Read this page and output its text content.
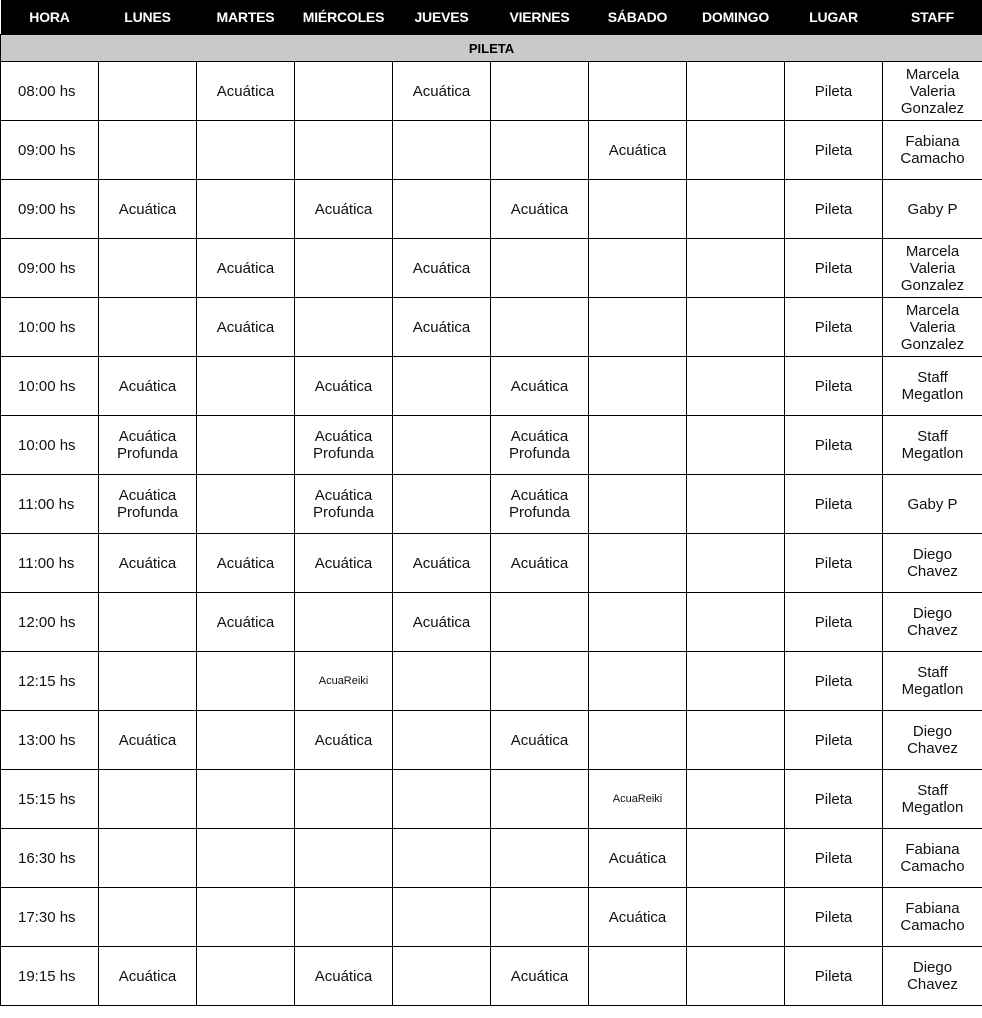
HORA	LUNES	MARTES	MIÉRCOLES	JUEVES	VIERNES	SÁBADO	DOMINGO	LUGAR	STAFF
PILETA									
08:00 hs		Acuática		Acuática				Pileta	Marcela
Valeria
Gonzalez
09:00 hs						Acuática		Pileta	Fabiana
Camacho
09:00 hs	Acuática		Acuática		Acuática			Pileta	Gaby P
09:00 hs		Acuática		Acuática				Pileta	Marcela
Valeria
Gonzalez
10:00 hs		Acuática		Acuática				Pileta	Marcela
Valeria
Gonzalez
10:00 hs	Acuática		Acuática		Acuática			Pileta	Staff
Megatlon
10:00 hs	Acuática
Profunda		Acuática
Profunda		Acuática
Profunda			Pileta	Staff
Megatlon
11:00 hs	Acuática
Profunda		Acuática
Profunda		Acuática
Profunda			Pileta	Gaby P
11:00 hs	Acuática	Acuática	Acuática	Acuática	Acuática			Pileta	Diego
Chavez
12:00 hs		Acuática		Acuática				Pileta	Diego
Chavez
12:15 hs			AcuaReiki					Pileta	Staff
Megatlon
13:00 hs	Acuática		Acuática		Acuática			Pileta	Diego
Chavez
15:15 hs						AcuaReiki		Pileta	Staff
Megatlon
16:30 hs						Acuática		Pileta	Fabiana
Camacho
17:30 hs						Acuática		Pileta	Fabiana
Camacho
19:15 hs	Acuática		Acuática		Acuática			Pileta	Diego
Chavez
